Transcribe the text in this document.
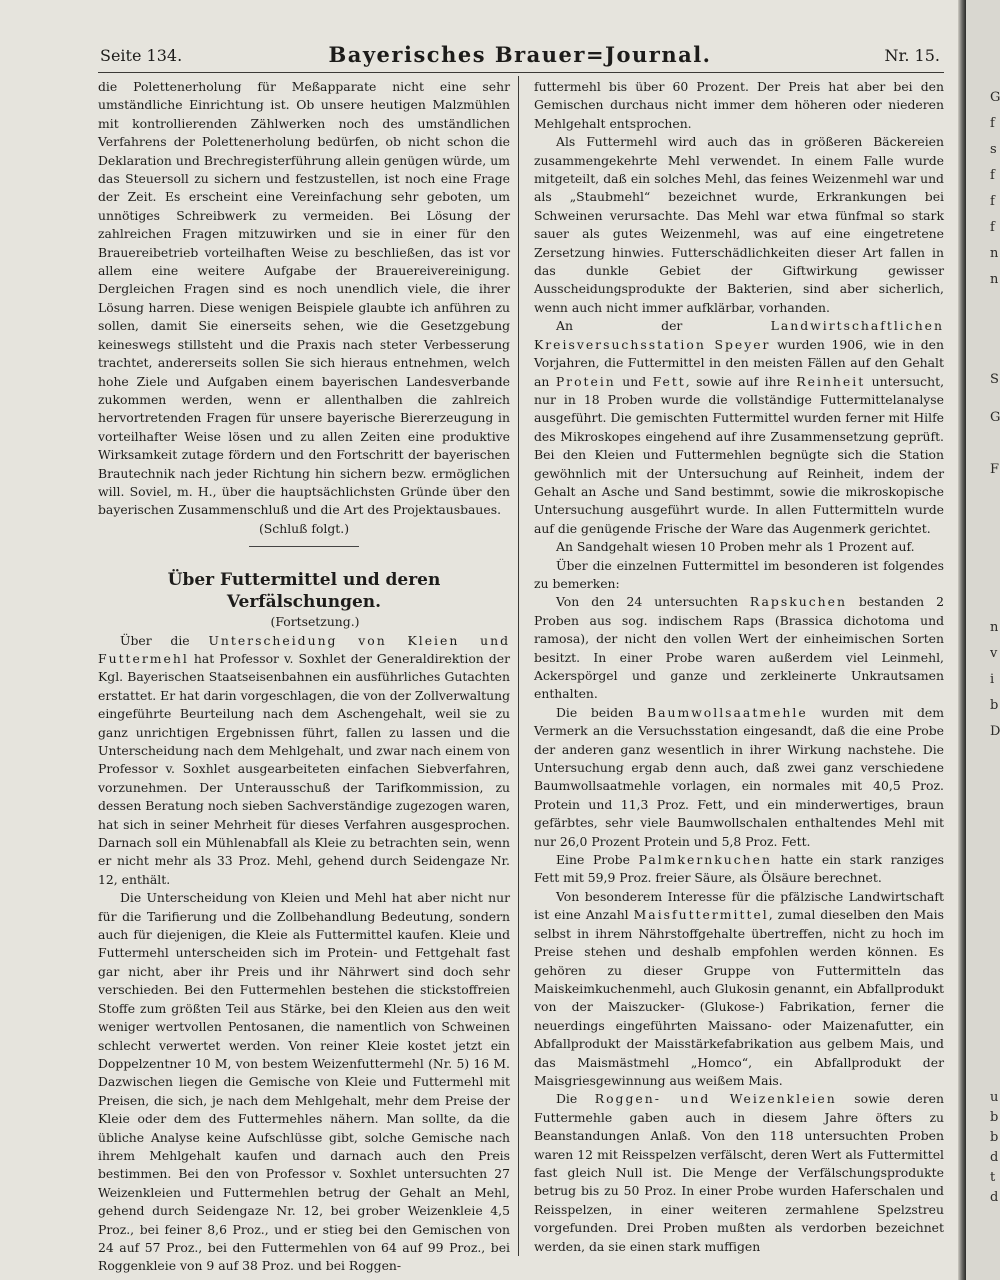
Seite 134.	Bayerisches Brauer=Journal.	Nr. 15.

die Polettenerholung für Meßapparate nicht eine sehr umständliche Einrichtung ist. Ob unsere heutigen Malzmühlen mit kontrollierenden Zählwerken noch des umständlichen Verfahrens der Polettenerholung bedürfen, ob nicht schon die Deklaration und Brechregisterführung allein genügen würde, um das Steuersoll zu sichern und festzustellen, ist noch eine Frage der Zeit. Es erscheint eine Vereinfachung sehr geboten, um unnötiges Schreibwerk zu vermeiden. Bei Lösung der zahlreichen Fragen mitzuwirken und sie in einer für den Brauereibetrieb vorteilhaften Weise zu beschließen, das ist vor allem eine weitere Aufgabe der Brauereivereinigung. Dergleichen Fragen sind es noch unendlich viele, die ihrer Lösung harren. Diese wenigen Beispiele glaubte ich anführen zu sollen, damit Sie einerseits sehen, wie die Gesetzgebung keineswegs stillsteht und die Praxis nach steter Verbesserung trachtet, andererseits sollen Sie sich hieraus entnehmen, welch hohe Ziele und Aufgaben einem bayerischen Landesverbande zukommen werden, wenn er allenthalben die zahlreich hervortretenden Fragen für unsere bayerische Biererzeugung in vorteilhafter Weise lösen und zu allen Zeiten eine produktive Wirksamkeit zutage fördern und den Fortschritt der bayerischen Brautechnik nach jeder Richtung hin sichern bezw. ermöglichen will. Soviel, m. H., über die hauptsächlichsten Gründe über den bayerischen Zusammenschluß und die Art des Projektausbaues.

(Schluß folgt.)

Über Futtermittel und deren Verfälschungen.

(Fortsetzung.)

Über die Unterscheidung von Kleien und Futtermehl hat Professor v. Soxhlet der Generaldirektion der Kgl. Bayerischen Staatseisenbahnen ein ausführliches Gutachten erstattet. Er hat darin vorgeschlagen, die von der Zollverwaltung eingeführte Beurteilung nach dem Aschengehalt, weil sie zu ganz unrichtigen Ergebnissen führt, fallen zu lassen und die Unterscheidung nach dem Mehlgehalt, und zwar nach einem von Professor v. Soxhlet ausgearbeiteten einfachen Siebverfahren, vorzunehmen. Der Unterausschuß der Tarifkommission, zu dessen Beratung noch sieben Sachverständige zugezogen waren, hat sich in seiner Mehrheit für dieses Verfahren ausgesprochen. Darnach soll ein Mühlenabfall als Kleie zu betrachten sein, wenn er nicht mehr als 33 Proz. Mehl, gehend durch Seidengaze Nr. 12, enthält.

Die Unterscheidung von Kleien und Mehl hat aber nicht nur für die Tarifierung und die Zollbehandlung Bedeutung, sondern auch für diejenigen, die Kleie als Futtermittel kaufen. Kleie und Futtermehl unterscheiden sich im Protein- und Fettgehalt fast gar nicht, aber ihr Preis und ihr Nährwert sind doch sehr verschieden. Bei den Futtermehlen bestehen die stickstoffreien Stoffe zum größten Teil aus Stärke, bei den Kleien aus den weit weniger wertvollen Pentosanen, die namentlich von Schweinen schlecht verwertet werden. Von reiner Kleie kostet jetzt ein Doppelzentner 10 M, von bestem Weizenfuttermehl (Nr. 5) 16 M. Dazwischen liegen die Gemische von Kleie und Futtermehl mit Preisen, die sich, je nach dem Mehlgehalt, mehr dem Preise der Kleie oder dem des Futtermehles nähern. Man sollte, da die übliche Analyse keine Aufschlüsse gibt, solche Gemische nach ihrem Mehlgehalt kaufen und darnach auch den Preis bestimmen. Bei den von Professor v. Soxhlet untersuchten 27 Weizenkleien und Futtermehlen betrug der Gehalt an Mehl, gehend durch Seidengaze Nr. 12, bei grober Weizenkleie 4,5 Proz., bei feiner 8,6 Proz., und er stieg bei den Gemischen von 24 auf 57 Proz., bei den Futtermehlen von 64 auf 99 Proz., bei Roggenkleie von 9 auf 38 Proz. und bei Roggen-

futtermehl bis über 60 Prozent. Der Preis hat aber bei den Gemischen durchaus nicht immer dem höheren oder niederen Mehlgehalt entsprochen.

Als Futtermehl wird auch das in größeren Bäckereien zusammengekehrte Mehl verwendet. In einem Falle wurde mitgeteilt, daß ein solches Mehl, das feines Weizenmehl war und als „Staubmehl“ bezeichnet wurde, Erkrankungen bei Schweinen verursachte. Das Mehl war etwa fünfmal so stark sauer als gutes Weizenmehl, was auf eine eingetretene Zersetzung hinwies. Futterschädlichkeiten dieser Art fallen in das dunkle Gebiet der Giftwirkung gewisser Ausscheidungsprodukte der Bakterien, sind aber sicherlich, wenn auch nicht immer aufklärbar, vorhanden.

An der Landwirtschaftlichen Kreisversuchsstation Speyer wurden 1906, wie in den Vorjahren, die Futtermittel in den meisten Fällen auf den Gehalt an Protein und Fett, sowie auf ihre Reinheit untersucht, nur in 18 Proben wurde die vollständige Futtermittelanalyse ausgeführt. Die gemischten Futtermittel wurden ferner mit Hilfe des Mikroskopes eingehend auf ihre Zusammensetzung geprüft. Bei den Kleien und Futtermehlen begnügte sich die Station gewöhnlich mit der Untersuchung auf Reinheit, indem der Gehalt an Asche und Sand bestimmt, sowie die mikroskopische Untersuchung ausgeführt wurde. In allen Futtermitteln wurde auf die genügende Frische der Ware das Augenmerk gerichtet.

An Sandgehalt wiesen 10 Proben mehr als 1 Prozent auf.

Über die einzelnen Futtermittel im besonderen ist folgendes zu bemerken:

Von den 24 untersuchten Rapskuchen bestanden 2 Proben aus sog. indischem Raps (Brassica dichotoma und ramosa), der nicht den vollen Wert der einheimischen Sorten besitzt. In einer Probe waren außerdem viel Leinmehl, Ackerspörgel und ganze und zerkleinerte Unkrautsamen enthalten.

Die beiden Baumwollsaatmehle wurden mit dem Vermerk an die Versuchsstation eingesandt, daß die eine Probe der anderen ganz wesentlich in ihrer Wirkung nachstehe. Die Untersuchung ergab denn auch, daß zwei ganz verschiedene Baumwollsaatmehle vorlagen, ein normales mit 40,5 Proz. Protein und 11,3 Proz. Fett, und ein minderwertiges, braun gefärbtes, sehr viele Baumwollschalen enthaltendes Mehl mit nur 26,0 Prozent Protein und 5,8 Proz. Fett.

Eine Probe Palmkernkuchen hatte ein stark ranziges Fett mit 59,9 Proz. freier Säure, als Ölsäure berechnet.

Von besonderem Interesse für die pfälzische Landwirtschaft ist eine Anzahl Maisfuttermittel, zumal dieselben den Mais selbst in ihrem Nährstoffgehalte übertreffen, nicht zu hoch im Preise stehen und deshalb empfohlen werden können. Es gehören zu dieser Gruppe von Futtermitteln das Maiskeimkuchenmehl, auch Glukosin genannt, ein Abfallprodukt von der Maiszucker- (Glukose-) Fabrikation, ferner die neuerdings eingeführten Maissano- oder Maizenafutter, ein Abfallprodukt der Maisstärkefabrikation aus gelbem Mais, und das Maismästmehl „Homco“, ein Abfallprodukt der Maisgriesgewinnung aus weißem Mais.

Die Roggen- und Weizenkleien sowie deren Futtermehle gaben auch in diesem Jahre öfters zu Beanstandungen Anlaß. Von den 118 untersuchten Proben waren 12 mit Reisspelzen verfälscht, deren Wert als Futtermittel fast gleich Null ist. Die Menge der Verfälschungsprodukte betrug bis zu 50 Proz. In einer Probe wurden Haferschalen und Reisspelzen, in einer weiteren zermahlene Spelzstreu vorgefunden. Drei Proben mußten als verdorben bezeichnet werden, da sie einen stark muffigen

G
f
s
f
f
f
n
n
S
G
F
n
v
i
b
D
u
b
b
d
t
d
